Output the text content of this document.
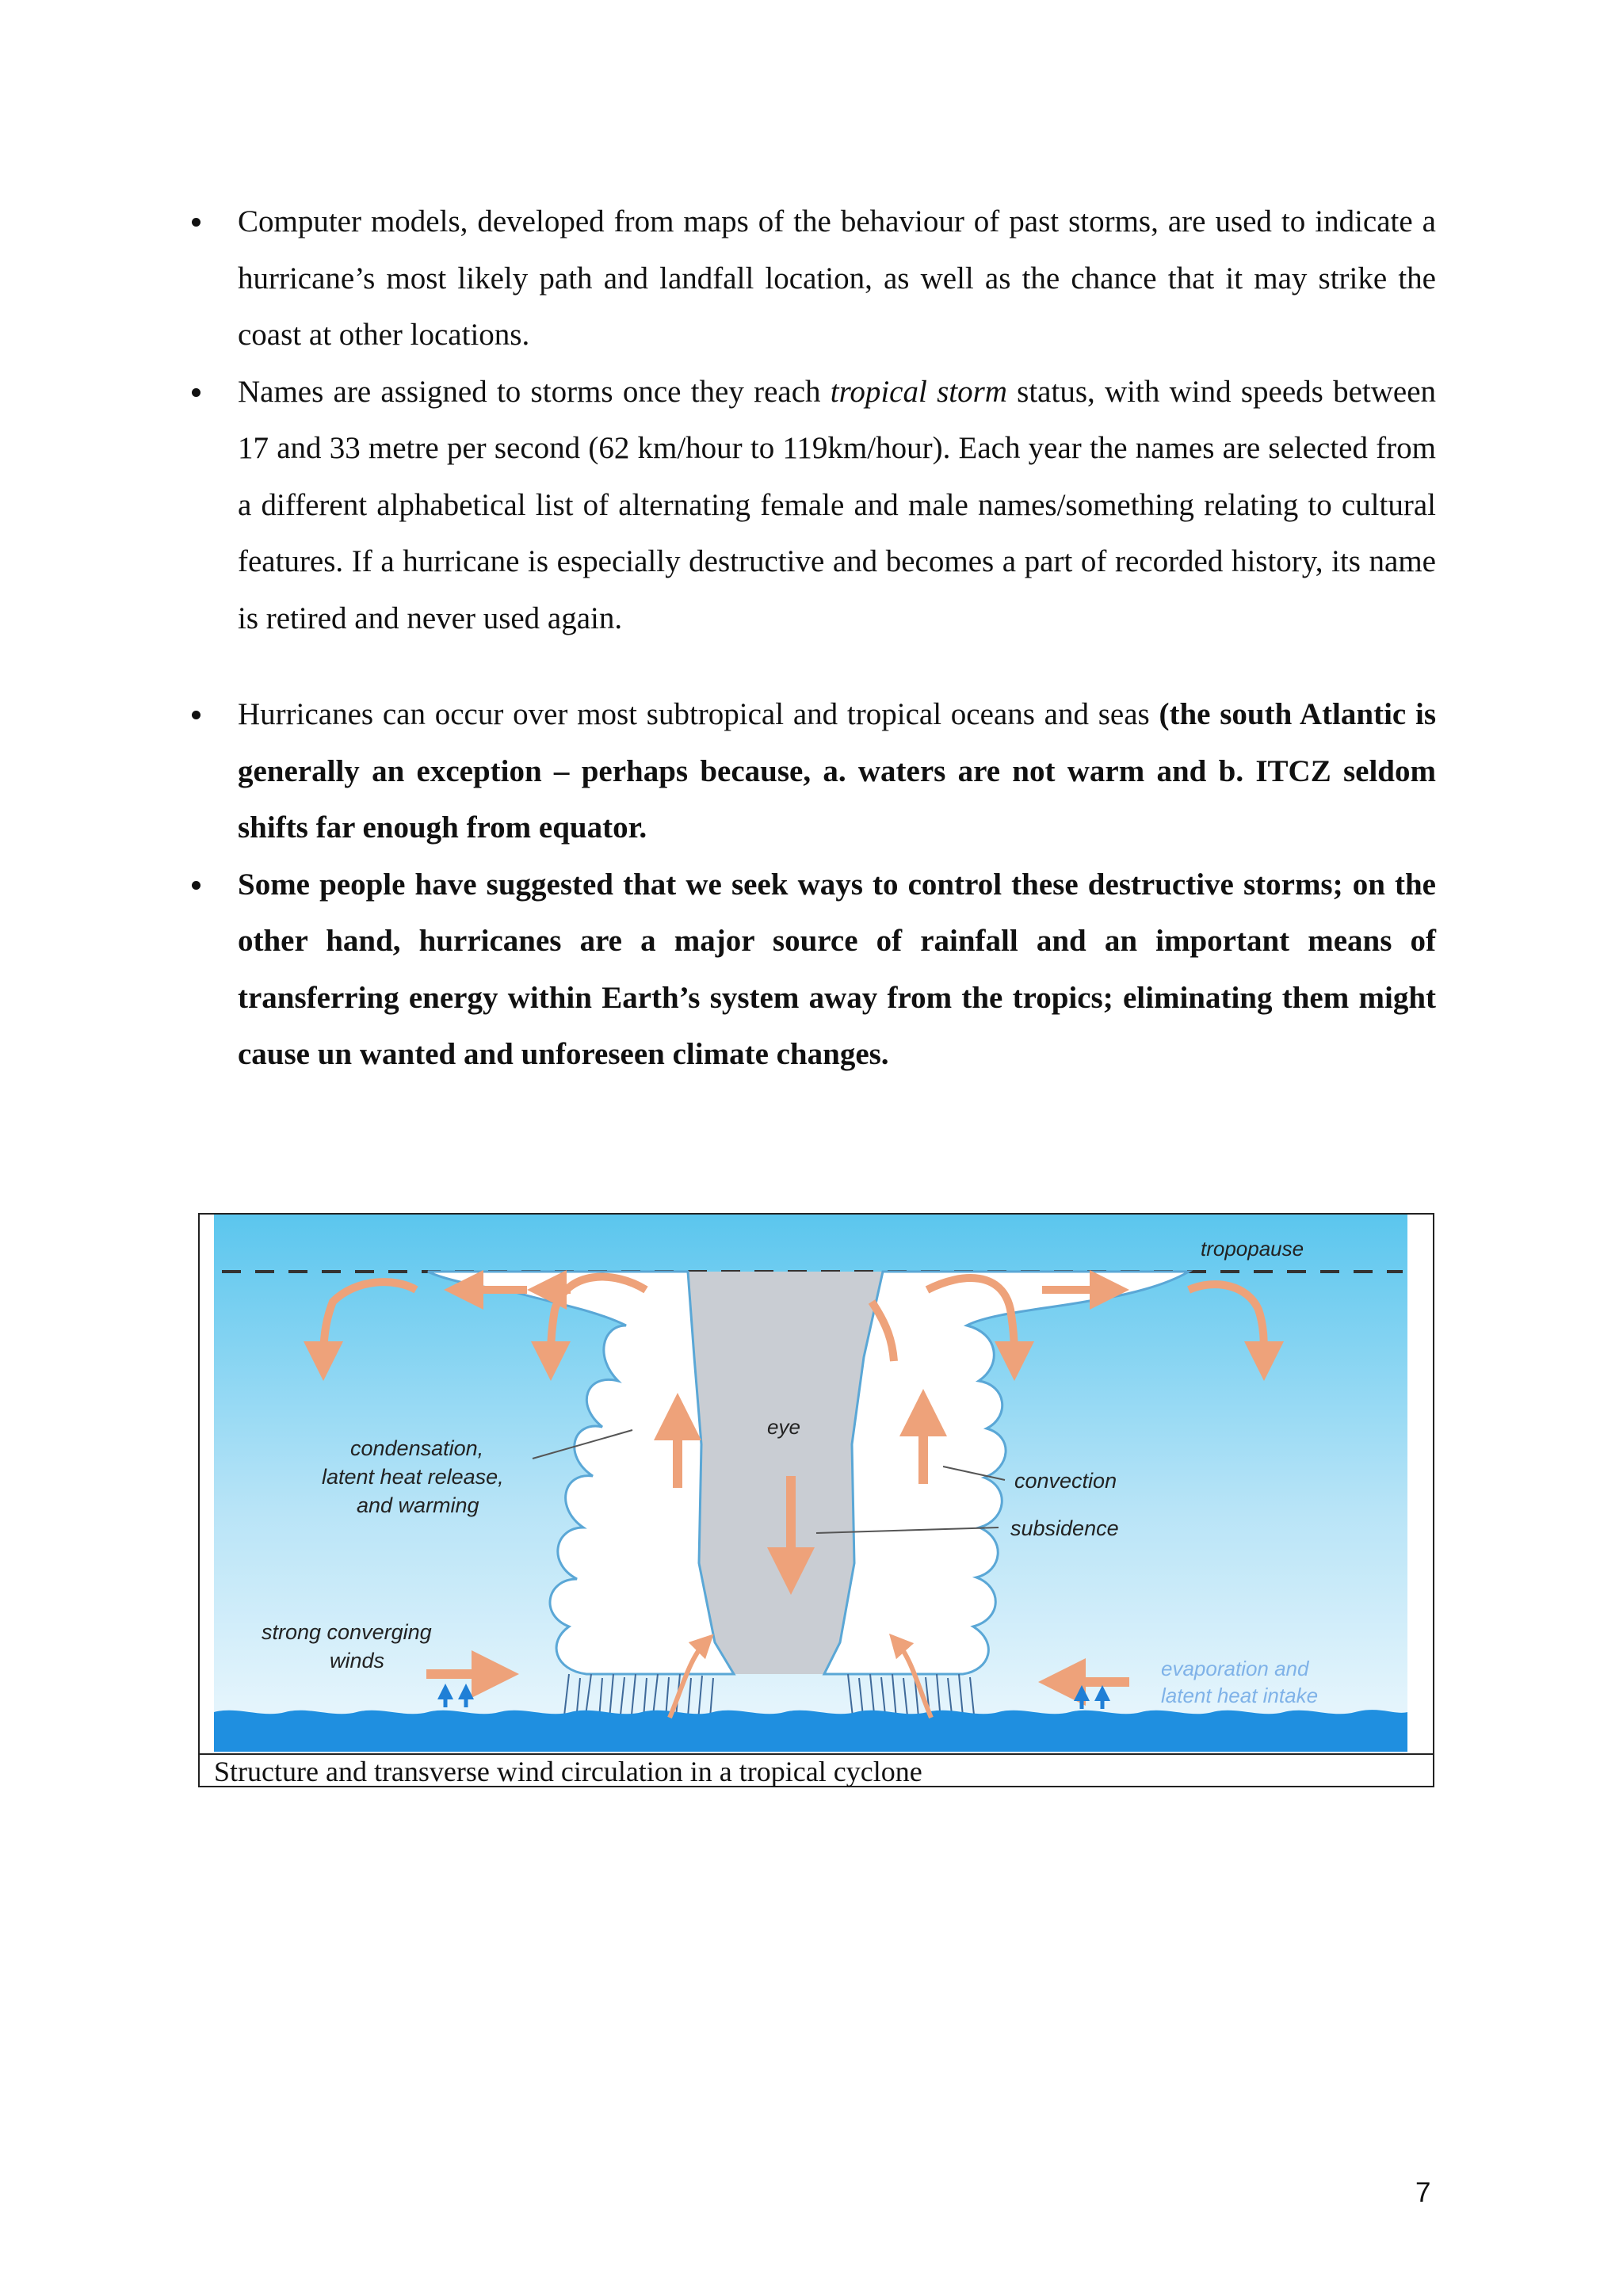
Computer models, developed from maps of the behaviour of past storms, are used to indicate a hurricane’s most likely path and landfall location, as well as the chance that it may strike the coast at other locations.
Names are assigned to storms once they reach tropical storm status, with wind speeds between 17 and 33 metre per second (62 km/hour to 119km/hour). Each year the names are selected from a different alphabetical list of alternating female and male names/something relating to cultural features. If a hurricane is especially destructive and becomes a part of recorded history, its name is retired and never used again.
Hurricanes can occur over most subtropical and tropical oceans and seas (the south Atlantic is generally an exception – perhaps because, a. waters are not warm and b. ITCZ seldom shifts far enough from equator.
Some people have suggested that we seek ways to control these destructive storms; on the other hand, hurricanes are a major source of rainfall and an important means of transferring energy within Earth’s system away from the tropics; eliminating them might cause un wanted and unforeseen climate changes.
tropopause
eye
condensation,
latent heat release,
and warming
convection
subsidence
strong converging
winds	evaporation and
latent heat intake
Structure and transverse wind circulation in a tropical cyclone
7
